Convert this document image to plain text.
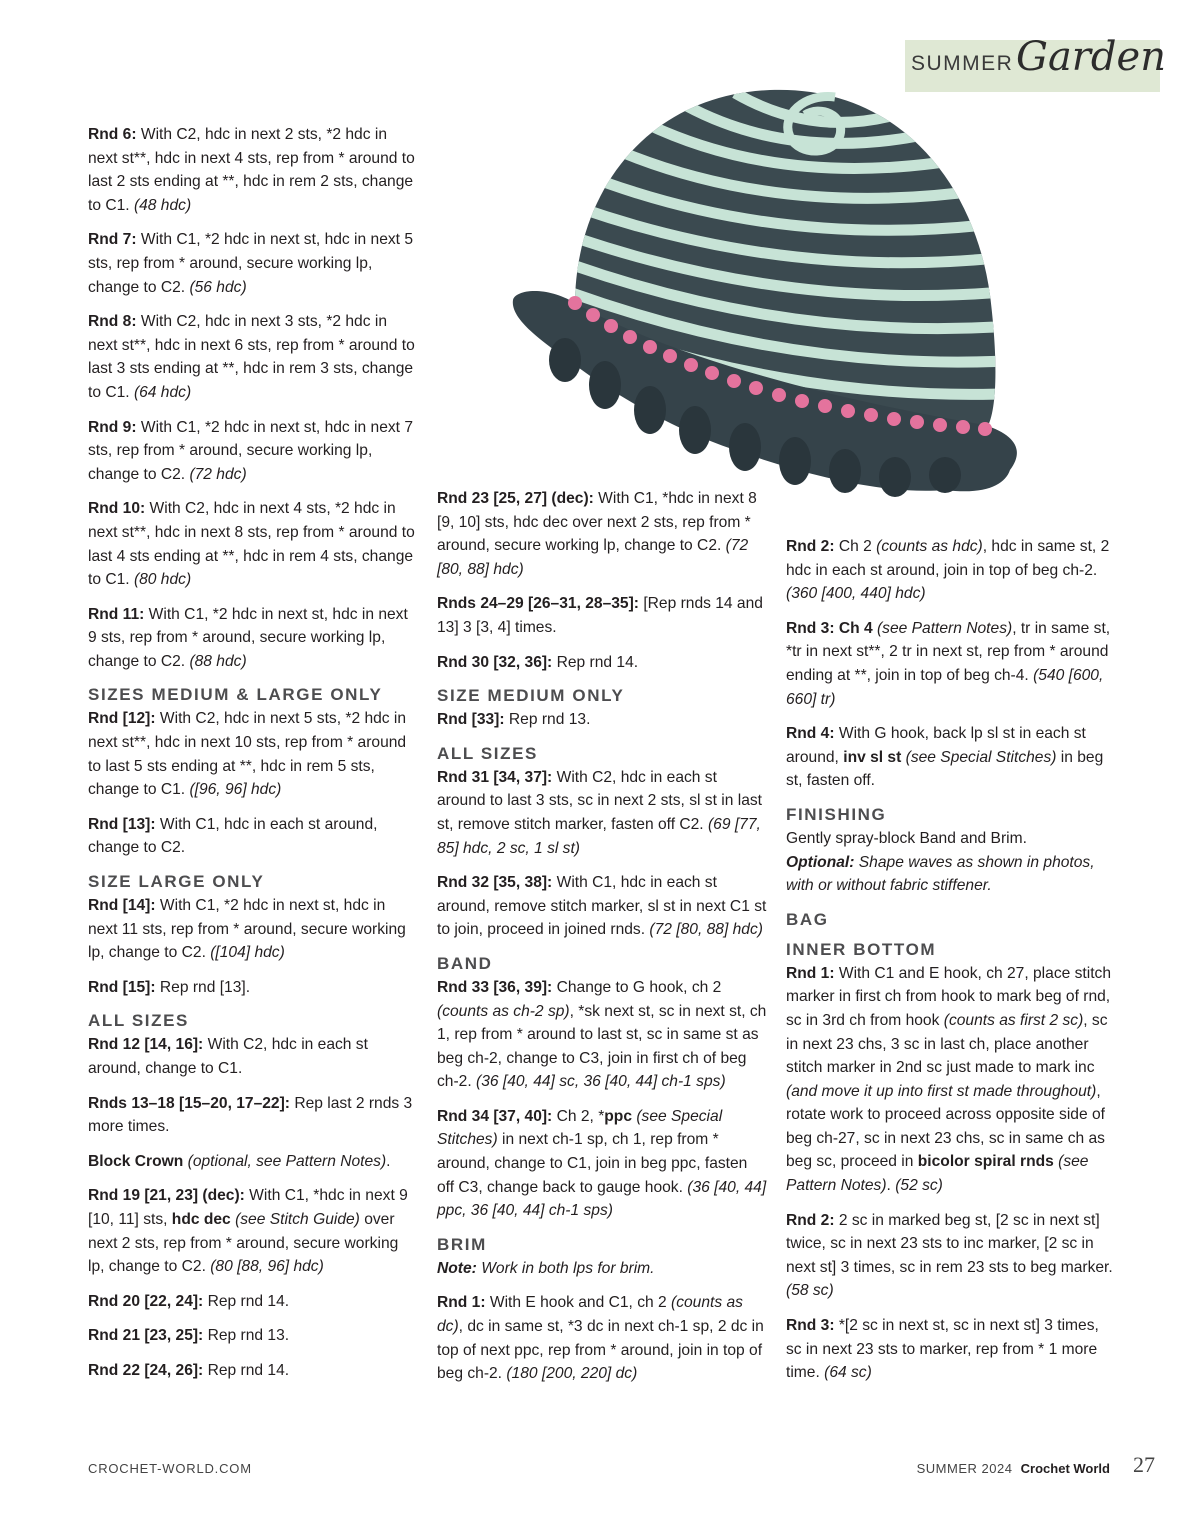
SUMMER Garden

Rnd 6: With C2, hdc in next 2 sts, *2 hdc in next st**, hdc in next 4 sts, rep from * around to last 2 sts ending at **, hdc in rem 2 sts, change to C1. (48 hdc)

Rnd 7: With C1, *2 hdc in next st, hdc in next 5 sts, rep from * around, secure working lp, change to C2. (56 hdc)

Rnd 8: With C2, hdc in next 3 sts, *2 hdc in next st**, hdc in next 6 sts, rep from * around to last 3 sts ending at **, hdc in rem 3 sts, change to C1. (64 hdc)

Rnd 9: With C1, *2 hdc in next st, hdc in next 7 sts, rep from * around, secure working lp, change to C2. (72 hdc)

Rnd 10: With C2, hdc in next 4 sts, *2 hdc in next st**, hdc in next 8 sts, rep from * around to last 4 sts ending at **, hdc in rem 4 sts, change to C1. (80 hdc)

Rnd 11: With C1, *2 hdc in next st, hdc in next 9 sts, rep from * around, secure working lp, change to C2. (88 hdc)

SIZES MEDIUM & LARGE ONLY

Rnd [12]: With C2, hdc in next 5 sts, *2 hdc in next st**, hdc in next 10 sts, rep from * around to last 5 sts ending at **, hdc in rem 5 sts, change to C1. ([96, 96] hdc)

Rnd [13]: With C1, hdc in each st around, change to C2.

SIZE LARGE ONLY

Rnd [14]: With C1, *2 hdc in next st, hdc in next 11 sts, rep from * around, secure working lp, change to C2. ([104] hdc)

Rnd [15]: Rep rnd [13].

ALL SIZES

Rnd 12 [14, 16]: With C2, hdc in each st around, change to C1.

Rnds 13–18 [15–20, 17–22]: Rep last 2 rnds 3 more times.

Block Crown (optional, see Pattern Notes).

Rnd 19 [21, 23] (dec): With C1, *hdc in next 9 [10, 11] sts, hdc dec (see Stitch Guide) over next 2 sts, rep from * around, secure working lp, change to C2. (80 [88, 96] hdc)

Rnd 20 [22, 24]: Rep rnd 14.

Rnd 21 [23, 25]: Rep rnd 13.

Rnd 22 [24, 26]: Rep rnd 14.

Rnd 23 [25, 27] (dec): With C1, *hdc in next 8 [9, 10] sts, hdc dec over next 2 sts, rep from * around, secure working lp, change to C2. (72 [80, 88] hdc)

Rnds 24–29 [26–31, 28–35]: [Rep rnds 14 and 13] 3 [3, 4] times.

Rnd 30 [32, 36]: Rep rnd 14.

SIZE MEDIUM ONLY

Rnd [33]: Rep rnd 13.

ALL SIZES

Rnd 31 [34, 37]: With C2, hdc in each st around to last 3 sts, sc in next 2 sts, sl st in last st, remove stitch marker, fasten off C2. (69 [77, 85] hdc, 2 sc, 1 sl st)

Rnd 32 [35, 38]: With C1, hdc in each st around, remove stitch marker, sl st in next C1 st to join, proceed in joined rnds. (72 [80, 88] hdc)

BAND

Rnd 33 [36, 39]: Change to G hook, ch 2 (counts as ch-2 sp), *sk next st, sc in next st, ch 1, rep from * around to last st, sc in same st as beg ch-2, change to C3, join in first ch of beg ch-2. (36 [40, 44] sc, 36 [40, 44] ch-1 sps)

Rnd 34 [37, 40]: Ch 2, *ppc (see Special Stitches) in next ch-1 sp, ch 1, rep from * around, change to C1, join in beg ppc, fasten off C3, change back to gauge hook. (36 [40, 44] ppc, 36 [40, 44] ch-1 sps)

BRIM

Note: Work in both lps for brim.

Rnd 1: With E hook and C1, ch 2 (counts as dc), dc in same st, *3 dc in next ch-1 sp, 2 dc in top of next ppc, rep from * around, join in top of beg ch-2. (180 [200, 220] dc)

Rnd 2: Ch 2 (counts as hdc), hdc in same st, 2 hdc in each st around, join in top of beg ch-2. (360 [400, 440] hdc)

Rnd 3: Ch 4 (see Pattern Notes), tr in same st, *tr in next st**, 2 tr in next st, rep from * around ending at **, join in top of beg ch-4. (540 [600, 660] tr)

Rnd 4: With G hook, back lp sl st in each st around, inv sl st (see Special Stitches) in beg st, fasten off.

FINISHING

Gently spray-block Band and Brim.
Optional: Shape waves as shown in photos, with or without fabric stiffener.

BAG
INNER BOTTOM

Rnd 1: With C1 and E hook, ch 27, place stitch marker in first ch from hook to mark beg of rnd, sc in 3rd ch from hook (counts as first 2 sc), sc in next 23 chs, 3 sc in last ch, place another stitch marker in 2nd sc just made to mark inc (and move it up into first st made throughout), rotate work to proceed across opposite side of beg ch-27, sc in next 23 chs, sc in same ch as beg sc, proceed in bicolor spiral rnds (see Pattern Notes). (52 sc)

Rnd 2: 2 sc in marked beg st, [2 sc in next st] twice, sc in next 23 sts to inc marker, [2 sc in next st] 3 times, sc in rem 23 sts to beg marker. (58 sc)

Rnd 3: *[2 sc in next st, sc in next st] 3 times, sc in next 23 sts to marker, rep from * 1 more time. (64 sc)

CROCHET-WORLD.COM	SUMMER 2024 Crochet World 27
